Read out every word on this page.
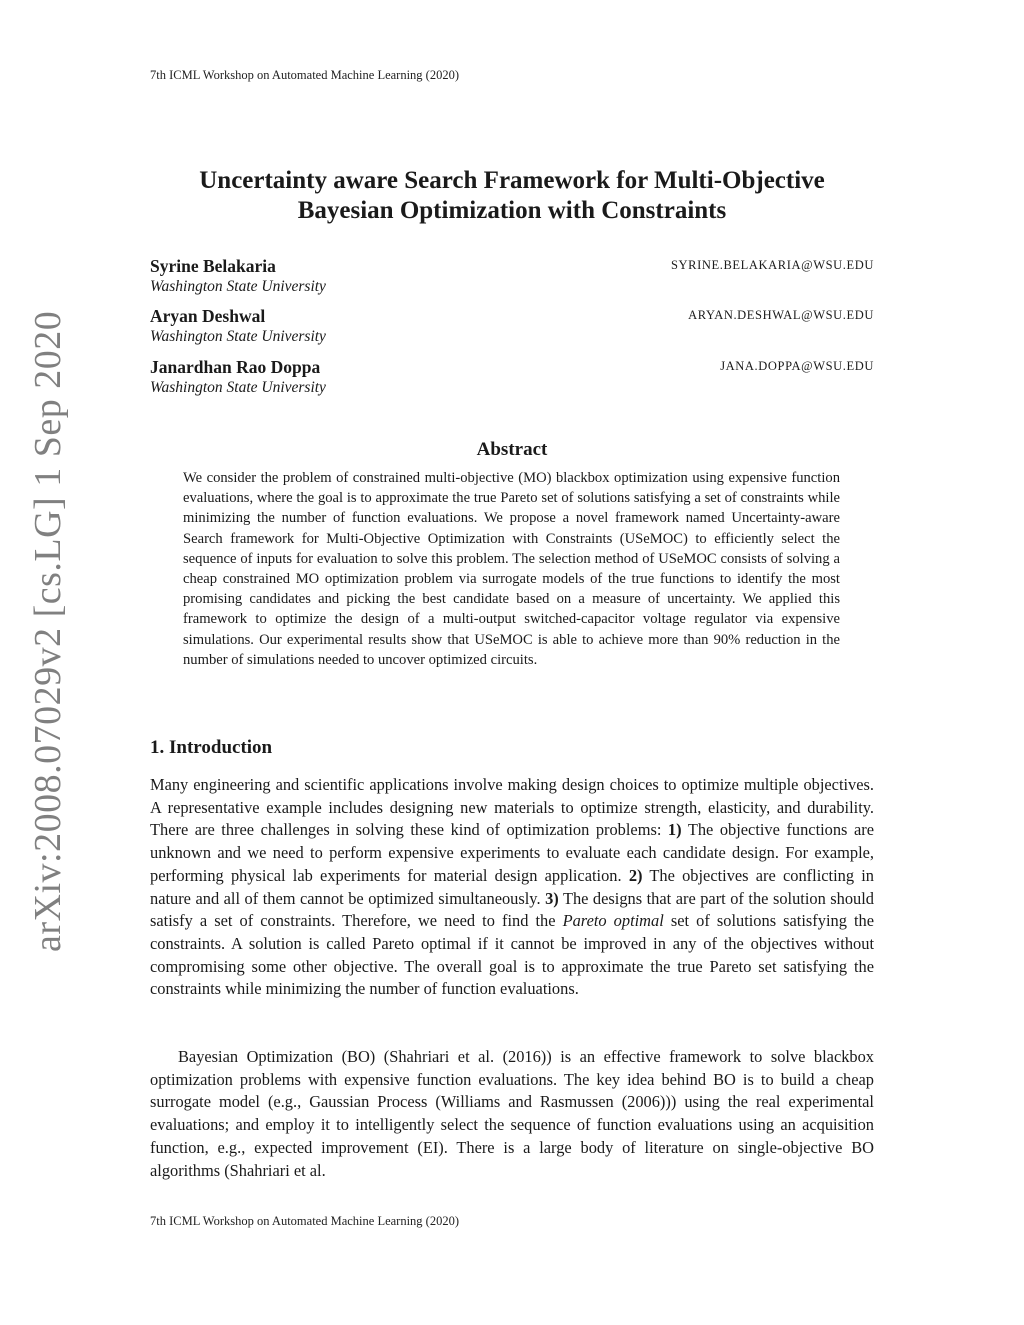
7th ICML Workshop on Automated Machine Learning (2020)
arXiv:2008.07029v2 [cs.LG] 1 Sep 2020
Uncertainty aware Search Framework for Multi-Objective
Bayesian Optimization with Constraints
Syrine Belakaria
Washington State University
SYRINE.BELAKARIA@WSU.EDU
Aryan Deshwal
Washington State University
ARYAN.DESHWAL@WSU.EDU
Janardhan Rao Doppa
Washington State University
JANA.DOPPA@WSU.EDU
Abstract
We consider the problem of constrained multi-objective (MO) blackbox optimization using expensive function evaluations, where the goal is to approximate the true Pareto set of solutions satisfying a set of constraints while minimizing the number of function evaluations. We propose a novel framework named Uncertainty-aware Search framework for Multi-Objective Optimization with Constraints (USeMOC) to efficiently select the sequence of inputs for evaluation to solve this problem. The selection method of USeMOC consists of solving a cheap constrained MO optimization problem via surrogate models of the true functions to identify the most promising candidates and picking the best candidate based on a measure of uncertainty. We applied this framework to optimize the design of a multi-output switched-capacitor voltage regulator via expensive simulations. Our experimental results show that USeMOC is able to achieve more than 90% reduction in the number of simulations needed to uncover optimized circuits.
1. Introduction
Many engineering and scientific applications involve making design choices to optimize multiple objectives. A representative example includes designing new materials to optimize strength, elasticity, and durability. There are three challenges in solving these kind of optimization problems: 1) The objective functions are unknown and we need to perform expensive experiments to evaluate each candidate design. For example, performing physical lab experiments for material design application. 2) The objectives are conflicting in nature and all of them cannot be optimized simultaneously. 3) The designs that are part of the solution should satisfy a set of constraints. Therefore, we need to find the Pareto optimal set of solutions satisfying the constraints. A solution is called Pareto optimal if it cannot be improved in any of the objectives without compromising some other objective. The overall goal is to approximate the true Pareto set satisfying the constraints while minimizing the number of function evaluations.
Bayesian Optimization (BO) (Shahriari et al. (2016)) is an effective framework to solve blackbox optimization problems with expensive function evaluations. The key idea behind BO is to build a cheap surrogate model (e.g., Gaussian Process (Williams and Rasmussen (2006))) using the real experimental evaluations; and employ it to intelligently select the sequence of function evaluations using an acquisition function, e.g., expected improvement (EI). There is a large body of literature on single-objective BO algorithms (Shahriari et al.
7th ICML Workshop on Automated Machine Learning (2020)
